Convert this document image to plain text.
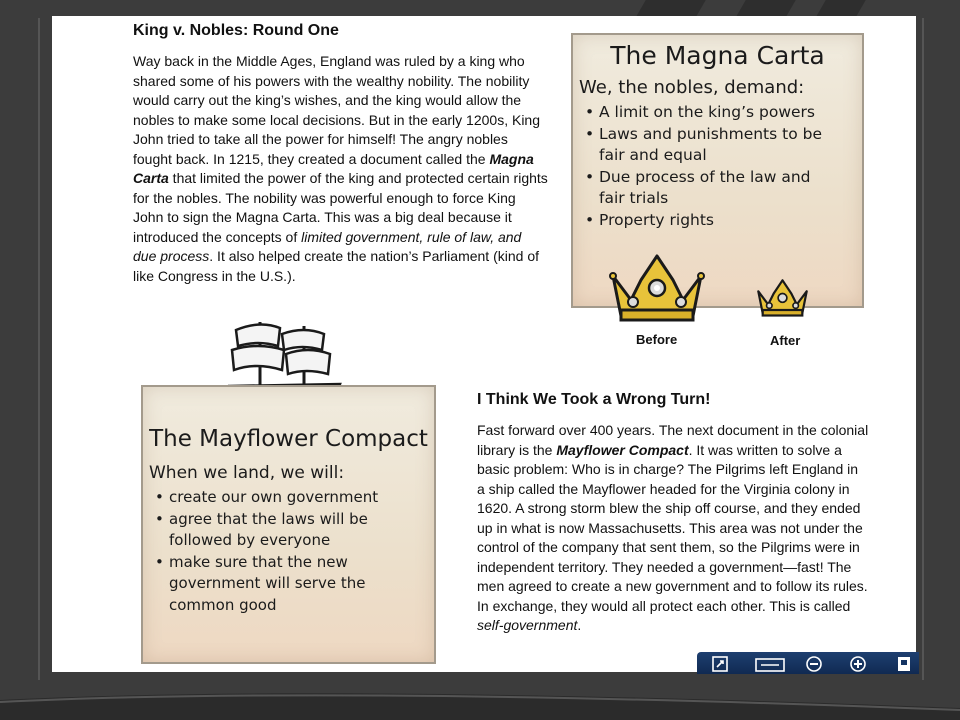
King v. Nobles: Round One

Way back in the Middle Ages, England was ruled by a king who shared some of his powers with the wealthy nobility. The nobility would carry out the king’s wishes, and the king would allow the nobles to make some local decisions. But in the early 1200s, King John tried to take all the power for himself! The angry nobles fought back. In 1215, they created a document called the Magna Carta that limited the power of the king and protected certain rights for the nobles. The nobility was powerful enough to force King John to sign the Magna Carta. This was a big deal because it introduced the concepts of limited government, rule of law, and due process. It also helped create the nation’s Parliament (kind of like Congress in the U.S.).

The Magna Carta
We, the nobles, demand:
• A limit on the king’s powers
• Laws and punishments to be fair and equal
• Due process of the law and fair trials
• Property rights
Before	After
The Mayflower Compact
When we land, we will:
• create our own government
• agree that the laws will be followed by everyone
• make sure that the new government will serve the common good
I Think We Took a Wrong Turn!

Fast forward over 400 years. The next document in the colonial library is the Mayflower Compact. It was written to solve a basic problem: Who is in charge? The Pilgrims left England in a ship called the Mayflower headed for the Virginia colony in 1620. A strong storm blew the ship off course, and they ended up in what is now Massachusetts. This area was not under the control of the company that sent them, so the Pilgrims were in independent territory. They needed a government—fast! The men agreed to create a new government and to follow its rules. In exchange, they would all protect each other. This is called self-government.
